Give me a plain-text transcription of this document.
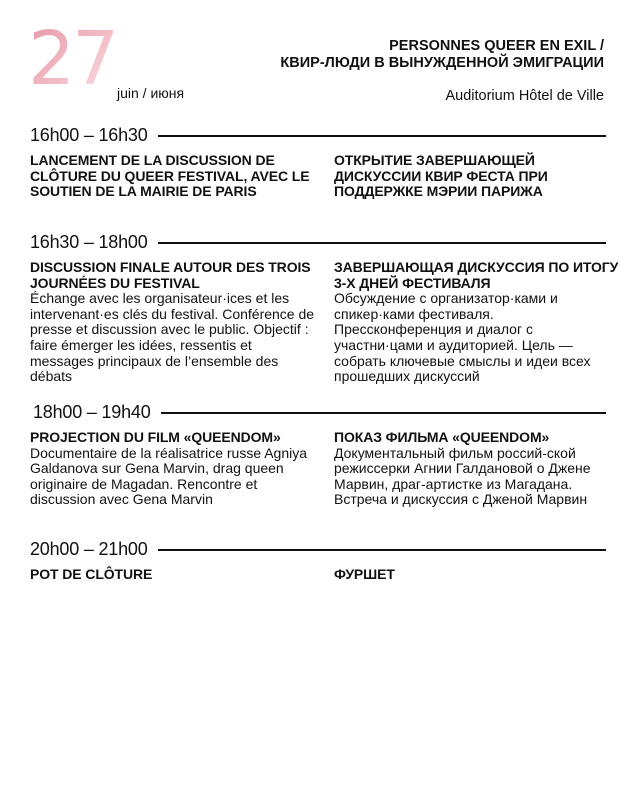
27 juin / июня
PERSONNES QUEER EN EXIL /
КВИР-ЛЮДИ В ВЫНУЖДЕННОЙ ЭМИГРАЦИИ
Auditorium Hôtel de Ville
16h00 – 16h30
LANCEMENT DE LA DISCUSSION DE CLÔTURE DU QUEER FESTIVAL, AVEC LE SOUTIEN DE LA MAIRIE DE PARIS

ОТКРЫТИЕ ЗАВЕРШАЮЩЕЙ ДИСКУССИИ КВИР ФЕСТА ПРИ ПОДДЕРЖКЕ МЭРИИ ПАРИЖА

16h30 – 18h00
DISCUSSION FINALE AUTOUR DES TROIS JOURNÉES DU FESTIVAL

Échange avec les organisateur·ices et les intervenant·es clés du festival. Conférence de presse et discussion avec le public. Objectif : faire émerger les idées, ressentis et messages principaux de l’ensemble des débats

ЗАВЕРШАЮЩАЯ ДИСКУССИЯ ПО ИТОГУ 3-Х ДНЕЙ ФЕСТИВАЛЯ

Обсуждение с организатор·ками и спикер·ками фестиваля. Прессконференция и диалог с участни·цами и аудиторией. Цель — собрать ключевые смыслы и идеи всех прошедших дискуссий

18h00 – 19h40
PROJECTION DU FILM «QUEENDOM»

Documentaire de la réalisatrice russe Agniya Galdanova sur Gena Marvin, drag queen originaire de Magadan. Rencontre et discussion avec Gena Marvin

ПОКАЗ ФИЛЬМА «QUEENDOM»

Документальный фильм россий-ской режиссерки Агнии Галдановой о Джене Марвин, драг-артистке из Магадана. Встреча и дискуссия с Дженой Марвин

20h00 – 21h00
POT DE CLÔTURE	ФУРШЕТ
